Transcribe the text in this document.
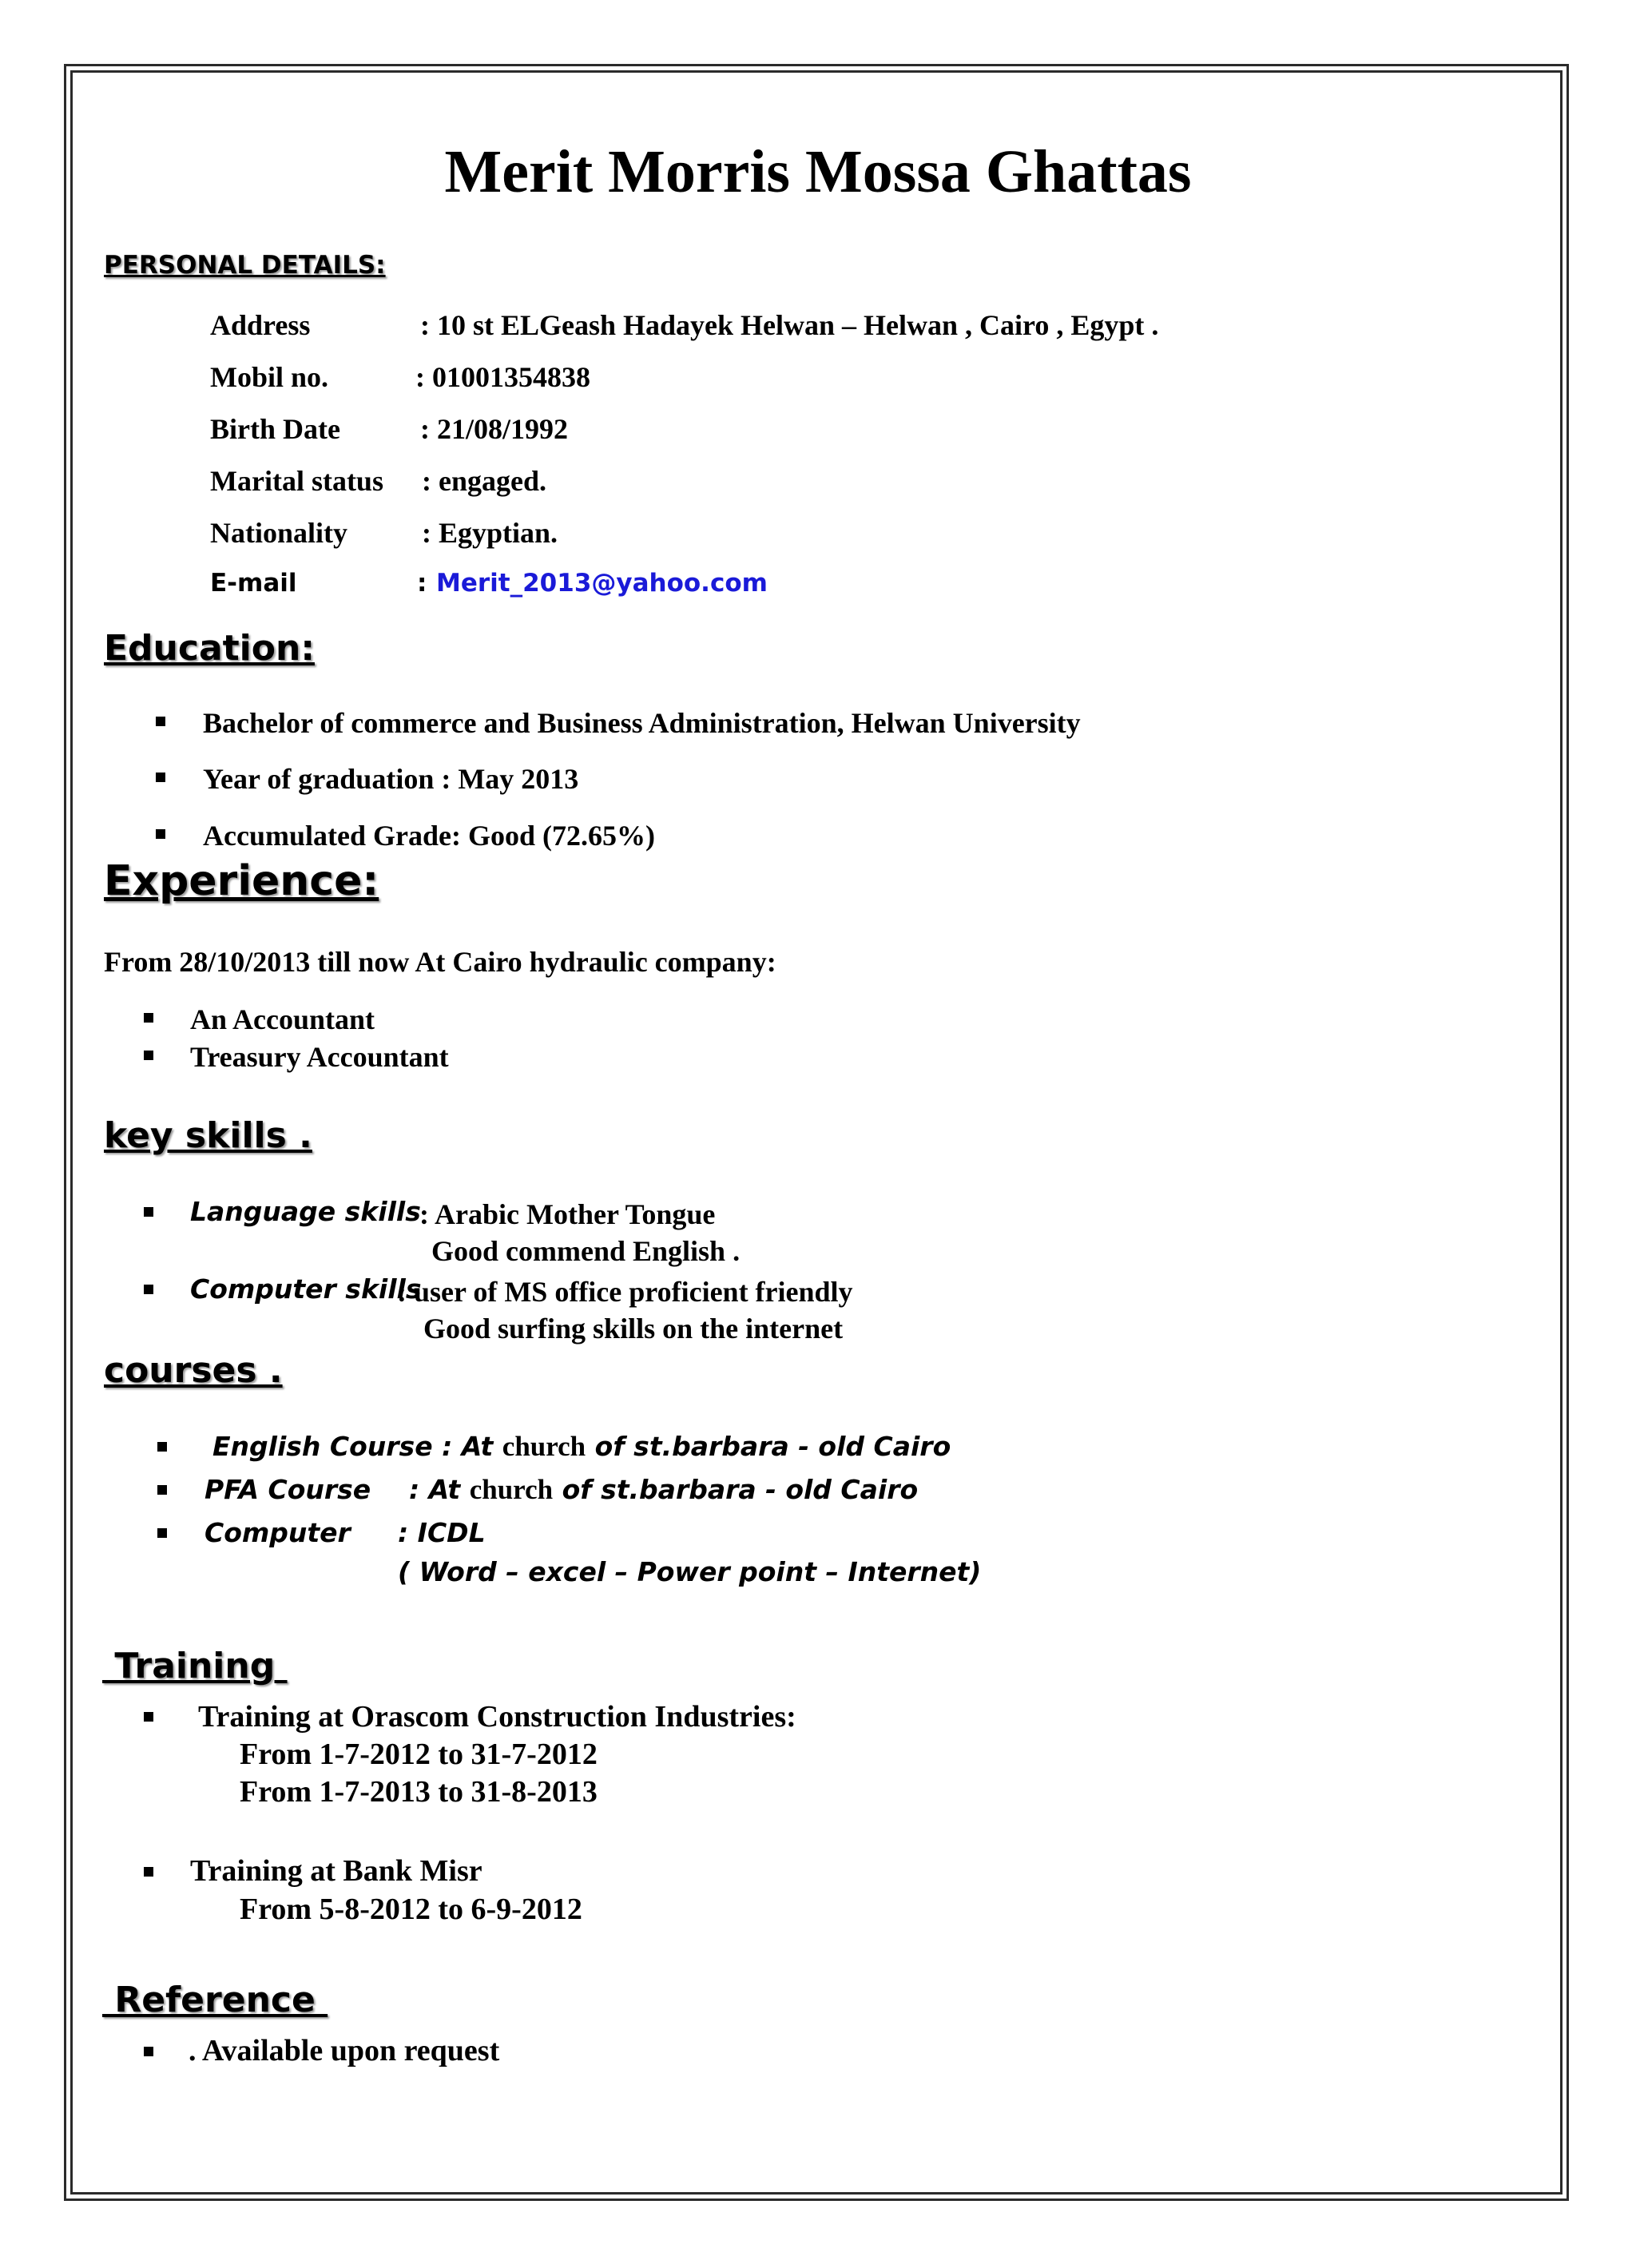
Merit Morris Mossa Ghattas
PERSONAL DETAILS:
Address	: 10 st ELGeash Hadayek Helwan – Helwan , Cairo , Egypt .
Mobil no.	: 01001354838
Birth Date	: 21/08/1992
Marital status : engaged.
Nationality	: Egyptian.
E-mail	: Merit_2013@yahoo.com
Education:
Bachelor of commerce and Business Administration, Helwan University
Year of graduation : May 2013
Accumulated Grade: Good (72.65%)
Experience:
From 28/10/2013 till now At Cairo hydraulic company:
An Accountant
Treasury Accountant
key skills .
Language skills
: Arabic Mother Tongue
Good commend English .
Computer skills
: user of MS office proficient friendly
Good surfing skills on the internet
courses .
English Course : At church of st.barbara - old Cairo
PFA Course : At church of st.barbara - old Cairo
Computer : ICDL
( Word – excel – Power point – Internet)
Training
Training at Orascom Construction Industries:
From 1-7-2012 to 31-7-2012
From 1-7-2013 to 31-8-2013
Training at Bank Misr
From 5-8-2012 to 6-9-2012
Reference
. Available upon request
